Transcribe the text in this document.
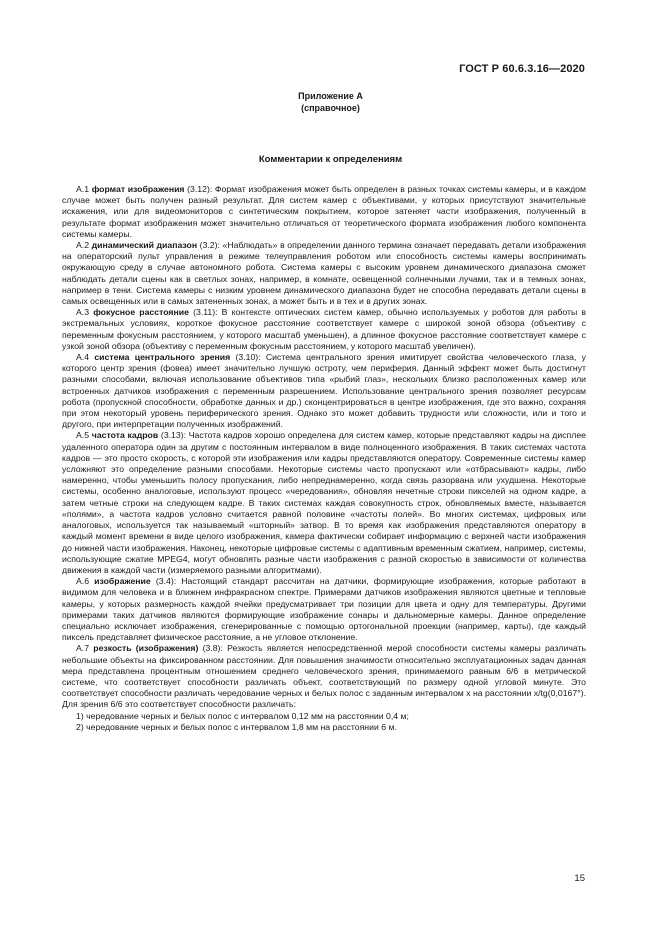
ГОСТ Р 60.6.3.16—2020
Приложение А
(справочное)
Комментарии к определениям

А.1 формат изображения (3.12): Формат изображения может быть определен в разных точках системы камеры, и в каждом случае может быть получен разный результат. Для систем камер с объективами, у которых присутствуют значительные искажения, или для видеомониторов с синтетическим покрытием, которое затеняет части изображения, полученный в результате формат изображения может значительно отличаться от теоретического формата изображения любого компонента системы камеры.

А.2 динамический диапазон (3.2): «Наблюдать» в определении данного термина означает передавать детали изображения на операторский пульт управления в режиме телеуправления роботом или способность системы камеры воспринимать окружающую среду в случае автономного робота. Система камеры с высоким уровнем динамического диапазона сможет наблюдать детали сцены как в светлых зонах, например, в комнате, освещенной солнечными лучами, так и в темных зонах, например в тени. Система камеры с низким уровнем динамического диапазона будет не способна передавать детали сцены в самых освещенных или в самых затененных зонах, а может быть и в тех и в других зонах.

А.3 фокусное расстояние (3.11): В контексте оптических систем камер, обычно используемых у роботов для работы в экстремальных условиях, короткое фокусное расстояние соответствует камере с широкой зоной обзора (объективу с переменным фокусным расстоянием, у которого масштаб уменьшен), а длинное фокусное расстояние соответствует камере с узкой зоной обзора (объективу с переменным фокусным расстоянием, у которого масштаб увеличен).

А.4 система центрального зрения (3.10): Система центрального зрения имитирует свойства человеческого глаза, у которого центр зрения (фовеа) имеет значительно лучшую остроту, чем периферия. Данный эффект может быть достигнут разными способами, включая использование объективов типа «рыбий глаз», нескольких близко расположенных камер или встроенных датчиков изображения с переменным разрешением. Использование центрального зрения позволяет ресурсам робота (пропускной способности, обработке данных и др.) сконцентрироваться в центре изображения, где это важно, сохраняя при этом некоторый уровень периферического зрения. Однако это может добавить трудности или сложности, или и того и другого, при интерпретации полученных изображений.

А.5 частота кадров (3.13): Частота кадров хорошо определена для систем камер, которые представляют кадры на дисплее удаленного оператора один за другим с постоянным интервалом в виде полноценного изображения. В таких системах частота кадров — это просто скорость, с которой эти изображения или кадры представляются оператору. Современные системы камер усложняют это определение разными способами. Некоторые системы часто пропускают или «отбрасывают» кадры, либо намеренно, чтобы уменьшить полосу пропускания, либо непреднамеренно, когда связь разорвана или ухудшена. Некоторые системы, особенно аналоговые, используют процесс «чередования», обновляя нечетные строки пикселей на одном кадре, а затем четные строки на следующем кадре. В таких системах каждая совокупность строк, обновляемых вместе, называется «полями», а частота кадров условно считается равной половине «частоты полей». Во многих системах, цифровых или аналоговых, используется так называемый «шторный» затвор. В то время как изображения представляются оператору в каждый момент времени в виде целого изображения, камера фактически собирает информацию с верхней части изображения до нижней части изображения. Наконец, некоторые цифровые системы с адаптивным временным сжатием, например, системы, использующие сжатие MPEG4, могут обновлять разные части изображения с разной скоростью в зависимости от количества движения в каждой части (измеряемого разными алгоритмами).

А.6 изображение (3.4): Настоящий стандарт рассчитан на датчики, формирующие изображения, которые работают в видимом для человека и в ближнем инфракрасном спектре. Примерами датчиков изображения являются цветные и тепловые камеры, у которых размерность каждой ячейки предусматривает три позиции для цвета и одну для температуры. Другими примерами таких датчиков являются формирующие изображение сонары и дальномерные камеры. Данное определение специально исключает изображения, сгенерированные с помощью ортогональной проекции (например, карты), где каждый пиксель представляет физическое расстояние, а не угловое отклонение.

А.7 резкость (изображения) (3.8): Резкость является непосредственной мерой способности системы камеры различать небольшие объекты на фиксированном расстоянии. Для повышения значимости относительно эксплуатационных задач данная мера представлена процентным отношением среднего человеческого зрения, принимаемого равным 6/6 в метрической системе, что соответствует способности различать объект, соответствующий по размеру одной угловой минуте. Это соответствует способности различать чередование черных и белых полос с заданным интервалом x на расстоянии x/tg(0,0167°). Для зрения 6/6 это соответствует способности различать:

1) чередование черных и белых полос с интервалом 0,12 мм на расстоянии 0,4 м;
2) чередование черных и белых полос с интервалом 1,8 мм на расстоянии 6 м.
15
